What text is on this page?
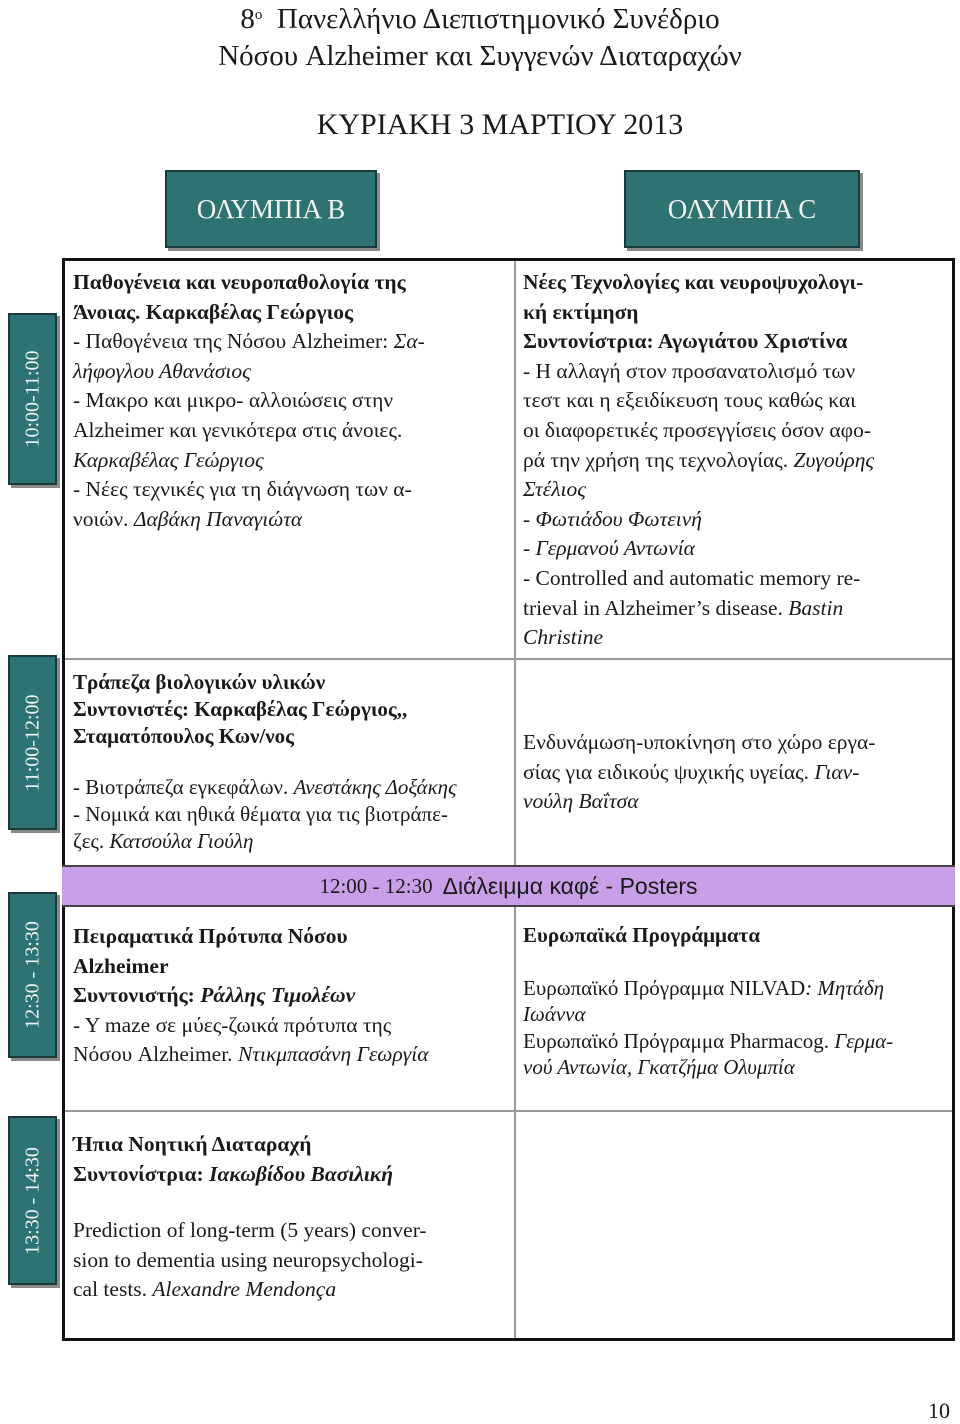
$8^o$ Πανελλήνιο Διεπιστημονικό Συνέδριο
Νόσου Alzheimer και Συγγενών Διαταραχών
ΚΥΡΙΑΚΗ 3 ΜΑΡΤΙΟΥ 2013
ΟΛΥΜΠΙΑ Β	ΟΛΥΜΠΙΑ C
10:00-11:00
11:00-12:00
12:30 - 13:30
13:30 - 14:30
Παθογένεια και νευροπαθολογία της
Άνοιας. Καρκαβέλας Γεώργιος
- Παθογένεια της Νόσου Alzheimer: Σα-
λήφογλου Αθανάσιος
- Μακρο και μικρο- αλλοιώσεις στην
Alzheimer και γενικότερα στις άνοιες.
Καρκαβέλας Γεώργιος
- Νέες τεχνικές για τη διάγνωση των α-
νοιών. Δαβάκη Παναγιώτα
Νέες Τεχνολογίες και νευροψυχολογι-
κή εκτίμηση
Συντονίστρια: Αγωγιάτου Χριστίνα
- Η αλλαγή στον προσανατολισμό των
τεστ και η εξειδίκευση τους καθώς και
οι διαφορετικές προσεγγίσεις όσον αφο-
ρά την χρήση της τεχνολογίας. Ζυγούρης
Στέλιος
- Φωτιάδου Φωτεινή
- Γερμανού Αντωνία
- Controlled and automatic memory re-
trieval in Alzheimer’s disease. Bastin
Christine
Τράπεζα βιολογικών υλικών
Συντονιστές: Καρκαβέλας Γεώργιος,,
Σταματόπουλος Κων/νος
- Βιοτράπεζα εγκεφάλων. Ανεστάκης Δοξάκης
- Νομικά και ηθικά θέματα για τις βιοτράπε-
ζες. Κατσούλα Γιούλη
Ενδυνάμωση-υποκίνηση στο χώρο εργα-
σίας για ειδικούς ψυχικής υγείας. Γιαν-
νούλη Βαΐτσα
12:00 - 12:30 Διάλειμμα καφέ - Posters
Πειραματικά Πρότυπα Νόσου
Alzheimer
Συντονιστής: Ράλλης Τιμολέων
- Y maze σε μύες-ζωικά πρότυπα της
Νόσου Alzheimer. Ντικμπασάνη Γεωργία
Ευρωπαϊκά Προγράμματα
Ευρωπαϊκό Πρόγραμμα NILVAD: Μητάδη
Ιωάννα
Ευρωπαϊκό Πρόγραμμα Pharmacog. Γερμα-
νού Αντωνία, Γκατζήμα Ολυμπία
Ήπια Νοητική Διαταραχή
Συντονίστρια: Ιακωβίδου Βασιλική
Prediction of long-term (5 years) conver-
sion to dementia using neuropsychologi-
cal tests. Alexandre Mendonça
10
